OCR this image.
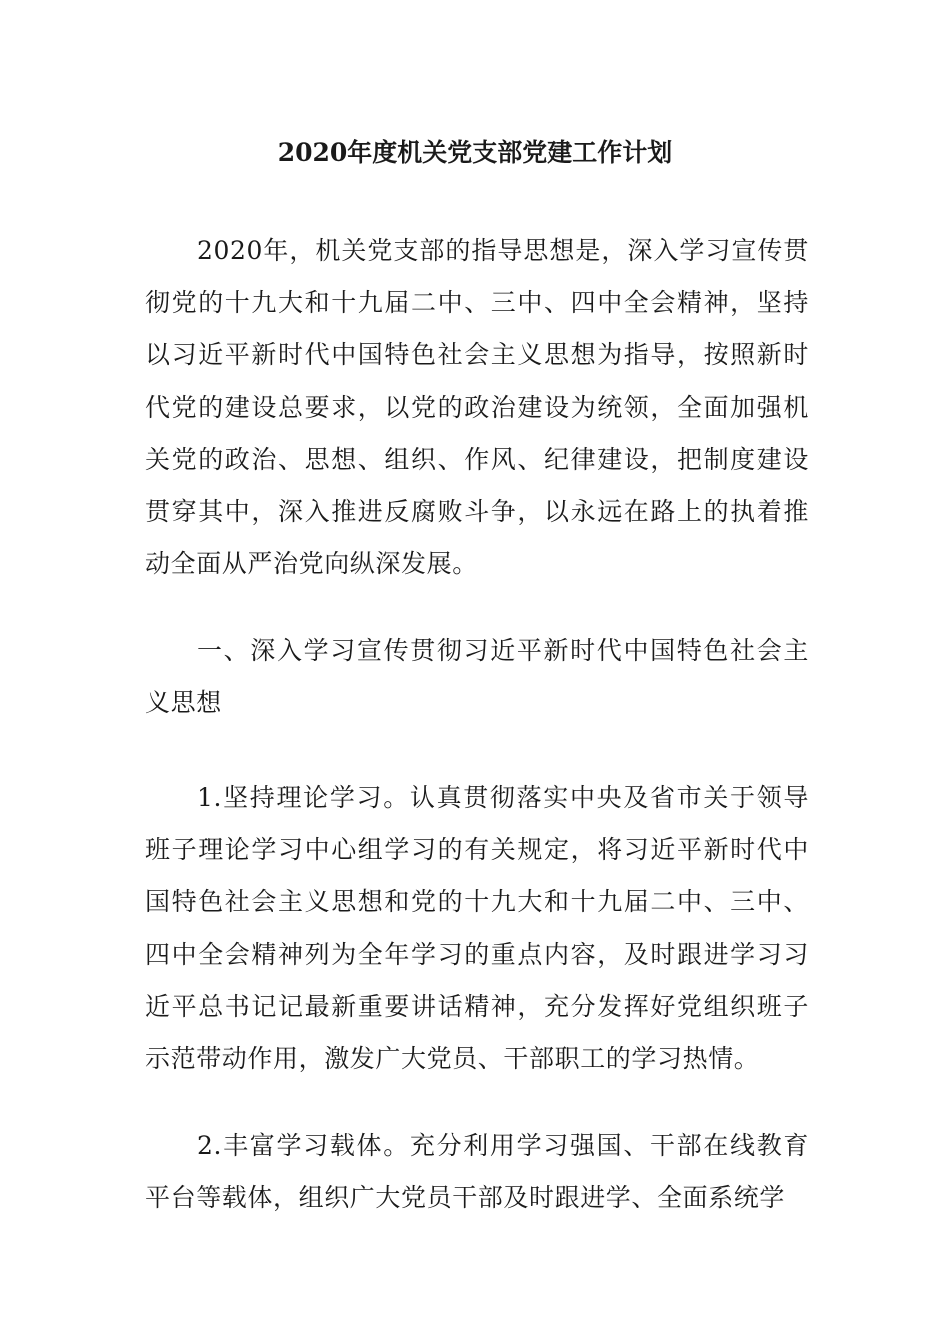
2020年度机关党支部党建工作计划

2020年，机关党支部的指导思想是，深入学习宣传贯彻党的十九大和十九届二中、三中、四中全会精神，坚持以习近平新时代中国特色社会主义思想为指导，按照新时代党的建设总要求，以党的政治建设为统领，全面加强机关党的政治、思想、组织、作风、纪律建设，把制度建设贯穿其中，深入推进反腐败斗争，以永远在路上的执着推动全面从严治党向纵深发展。

一、深入学习宣传贯彻习近平新时代中国特色社会主义思想

1.坚持理论学习。认真贯彻落实中央及省市关于领导班子理论学习中心组学习的有关规定，将习近平新时代中国特色社会主义思想和党的十九大和十九届二中、三中、四中全会精神列为全年学习的重点内容，及时跟进学习习近平总书记记最新重要讲话精神，充分发挥好党组织班子示范带动作用，激发广大党员、干部职工的学习热情。

2.丰富学习载体。充分利用学习强国、干部在线教育平台等载体，组织广大党员干部及时跟进学、全面系统学
